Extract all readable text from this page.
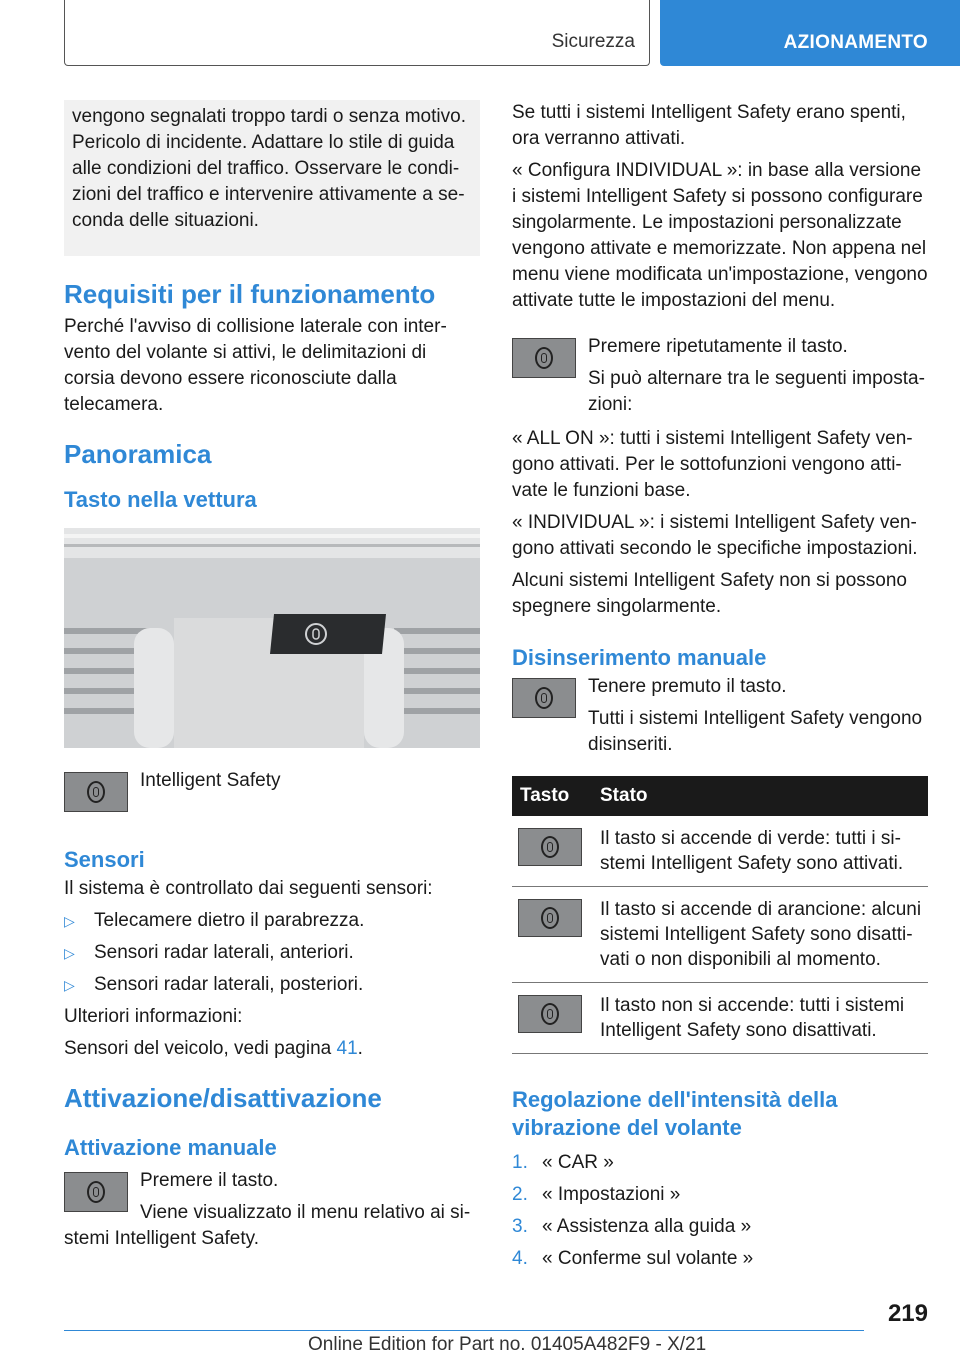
Sicurezza	AZIONAMENTO

vengono segnalati troppo tardi o senza motivo. Pericolo di incidente. Adattare lo stile di guida alle condizioni del traffico. Osservare le condizioni del traffico e intervenire attivamente a seconda delle situazioni.

Requisiti per il funzionamento

Perché l'avviso di collisione laterale con intervento del volante si attivi, le delimitazioni di corsia devono essere riconosciute dalla telecamera.

Panoramica
Tasto nella vettura
Intelligent Safety
Sensori

Il sistema è controllato dai seguenti sensori:

▷ Telecamere dietro il parabrezza.
▷ Sensori radar laterali, anteriori.
▷ Sensori radar laterali, posteriori.

Ulteriori informazioni:

Sensori del veicolo, vedi pagina 41.

Attivazione/disattivazione
Attivazione manuale

Premere il tasto.

Viene visualizzato il menu relativo ai sistemi Intelligent Safety.

Se tutti i sistemi Intelligent Safety erano spenti, ora verranno attivati.

« Configura INDIVIDUAL »: in base alla versione i sistemi Intelligent Safety si possono configurare singolarmente. Le impostazioni personalizzate vengono attivate e memorizzate. Non appena nel menu viene modificata un'impostazione, vengono attivate tutte le impostazioni del menu.

Premere ripetutamente il tasto.

Si può alternare tra le seguenti impostazioni:

« ALL ON »: tutti i sistemi Intelligent Safety vengono attivati. Per le sottofunzioni vengono attivate le funzioni base.

« INDIVIDUAL »: i sistemi Intelligent Safety vengono attivati secondo le specifiche impostazioni.

Alcuni sistemi Intelligent Safety non si possono spegnere singolarmente.

Disinserimento manuale

Tenere premuto il tasto.

Tutti i sistemi Intelligent Safety vengono disinseriti.

Tasto	Stato

	Il tasto si accende di verde: tutti i sistemi Intelligent Safety sono attivati.

	Il tasto si accende di arancione: alcuni sistemi Intelligent Safety sono disattivati o non disponibili al momento.

	Il tasto non si accende: tutti i sistemi Intelligent Safety sono disattivati.
Regolazione dell'intensità della vibrazione del volante
1. « CAR »
2. « Impostazioni »
3. « Assistenza alla guida »
4. « Conferme sul volante »
219
Online Edition for Part no. 01405A482F9 - X/21
